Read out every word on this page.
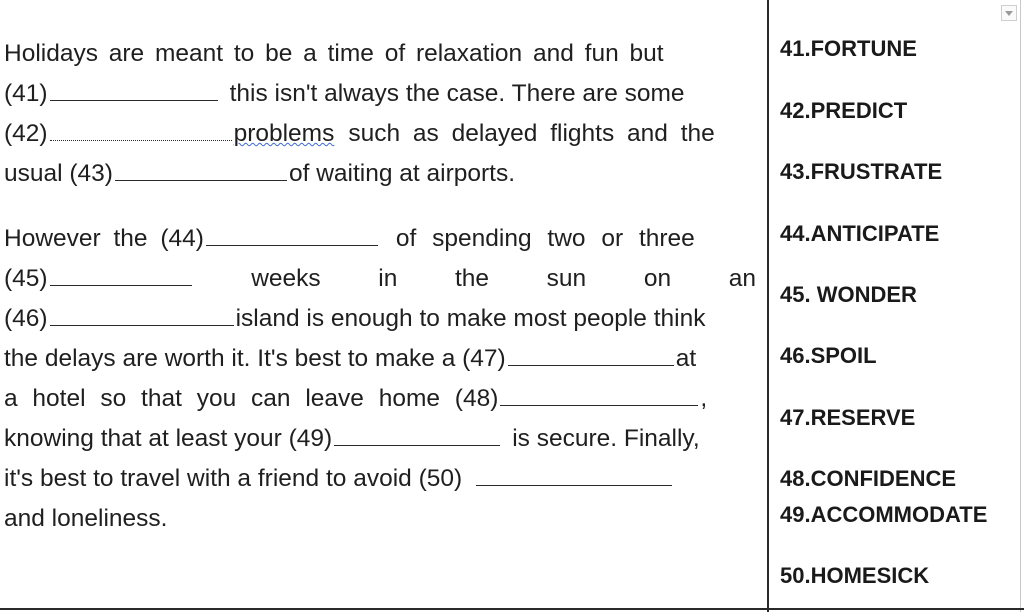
Holidays are meant to be a time of relaxation and fun but
(41)	this isn't always the case. There are some
(42)	problems such as delayed flights and the
usual (43)	of waiting at airports.
However the (44)	of spending two or three
(45)	weeks in the sun on an
(46)	island is enough to make most people think
the delays are worth it. It's best to make a (47)	at
a hotel so that you can leave home (48)	,
knowing that at least your (49)	is secure. Finally,
it's best to travel with a friend to avoid (50)
and loneliness.
41.FORTUNE
42.PREDICT
43.FRUSTRATE
44.ANTICIPATE
45. WONDER
46.SPOIL
47.RESERVE
48.CONFIDENCE
49.ACCOMMODATE
50.HOMESICK
